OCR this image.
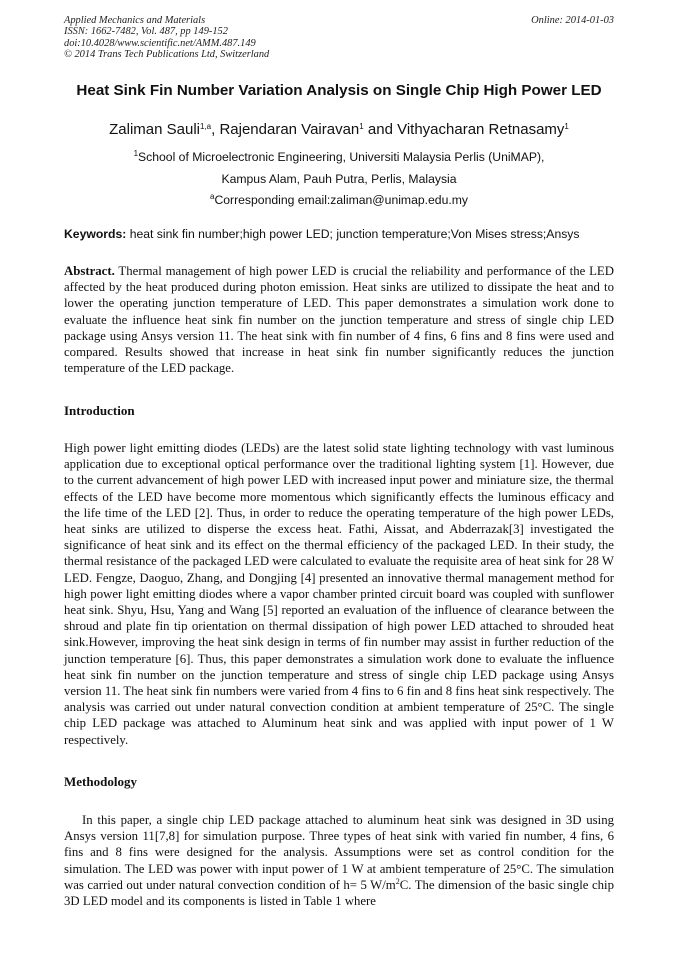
Applied Mechanics and Materials
ISSN: 1662-7482, Vol. 487, pp 149-152
doi:10.4028/www.scientific.net/AMM.487.149
© 2014 Trans Tech Publications Ltd, Switzerland
Online: 2014-01-03
Heat Sink Fin Number Variation Analysis on Single Chip High Power LED
Zaliman Sauli$^{1,a}$, Rajendaran Vairavan$^1$ and Vithyacharan Retnasamy$^1$
$^1$School of Microelectronic Engineering, Universiti Malaysia Perlis (UniMAP),
Kampus Alam, Pauh Putra, Perlis, Malaysia
$^a$Corresponding email:zaliman@unimap.edu.my
Keywords: heat sink fin number;high power LED; junction temperature;Von Mises stress;Ansys
Abstract. Thermal management of high power LED is crucial the reliability and performance of the LED affected by the heat produced during photon emission. Heat sinks are utilized to dissipate the heat and to lower the operating junction temperature of LED. This paper demonstrates a simulation work done to evaluate the influence heat sink fin number on the junction temperature and stress of single chip LED package using Ansys version 11. The heat sink with fin number of 4 fins, 6 fins and 8 fins were used and compared. Results showed that increase in heat sink fin number significantly reduces the junction temperature of the LED package.
Introduction
High power light emitting diodes (LEDs) are the latest solid state lighting technology with vast luminous application due to exceptional optical performance over the traditional lighting system [1]. However, due to the current advancement of high power LED with increased input power and miniature size, the thermal effects of the LED have become more momentous which significantly effects the luminous efficacy and the life time of the LED [2]. Thus, in order to reduce the operating temperature of the high power LEDs, heat sinks are utilized to disperse the excess heat. Fathi, Aissat, and Abderrazak[3] investigated the significance of heat sink and its effect on the thermal efficiency of the packaged LED. In their study, the thermal resistance of the packaged LED were calculated to evaluate the requisite area of heat sink for 28 W LED. Fengze, Daoguo, Zhang, and Dongjing [4] presented an innovative thermal management method for high power light emitting diodes where a vapor chamber printed circuit board was coupled with sunflower heat sink. Shyu, Hsu, Yang and Wang [5] reported an evaluation of the influence of clearance between the shroud and plate fin tip orientation on thermal dissipation of high power LED attached to shrouded heat sink.However, improving the heat sink design in terms of fin number may assist in further reduction of the junction temperature [6]. Thus, this paper demonstrates a simulation work done to evaluate the influence heat sink fin number on the junction temperature and stress of single chip LED package using Ansys version 11. The heat sink fin numbers were varied from 4 fins to 6 fin and 8 fins heat sink respectively. The analysis was carried out under natural convection condition at ambient temperature of 25°C. The single chip LED package was attached to Aluminum heat sink and was applied with input power of 1 W respectively.
Methodology
In this paper, a single chip LED package attached to aluminum heat sink was designed in 3D using Ansys version 11[7,8] for simulation purpose. Three types of heat sink with varied fin number, 4 fins, 6 fins and 8 fins were designed for the analysis. Assumptions were set as control condition for the simulation. The LED was power with input power of 1 W at ambient temperature of 25°C. The simulation was carried out under natural convection condition of h= 5 $W/m^2C$. The dimension of the basic single chip 3D LED model and its components is listed in Table 1 where
